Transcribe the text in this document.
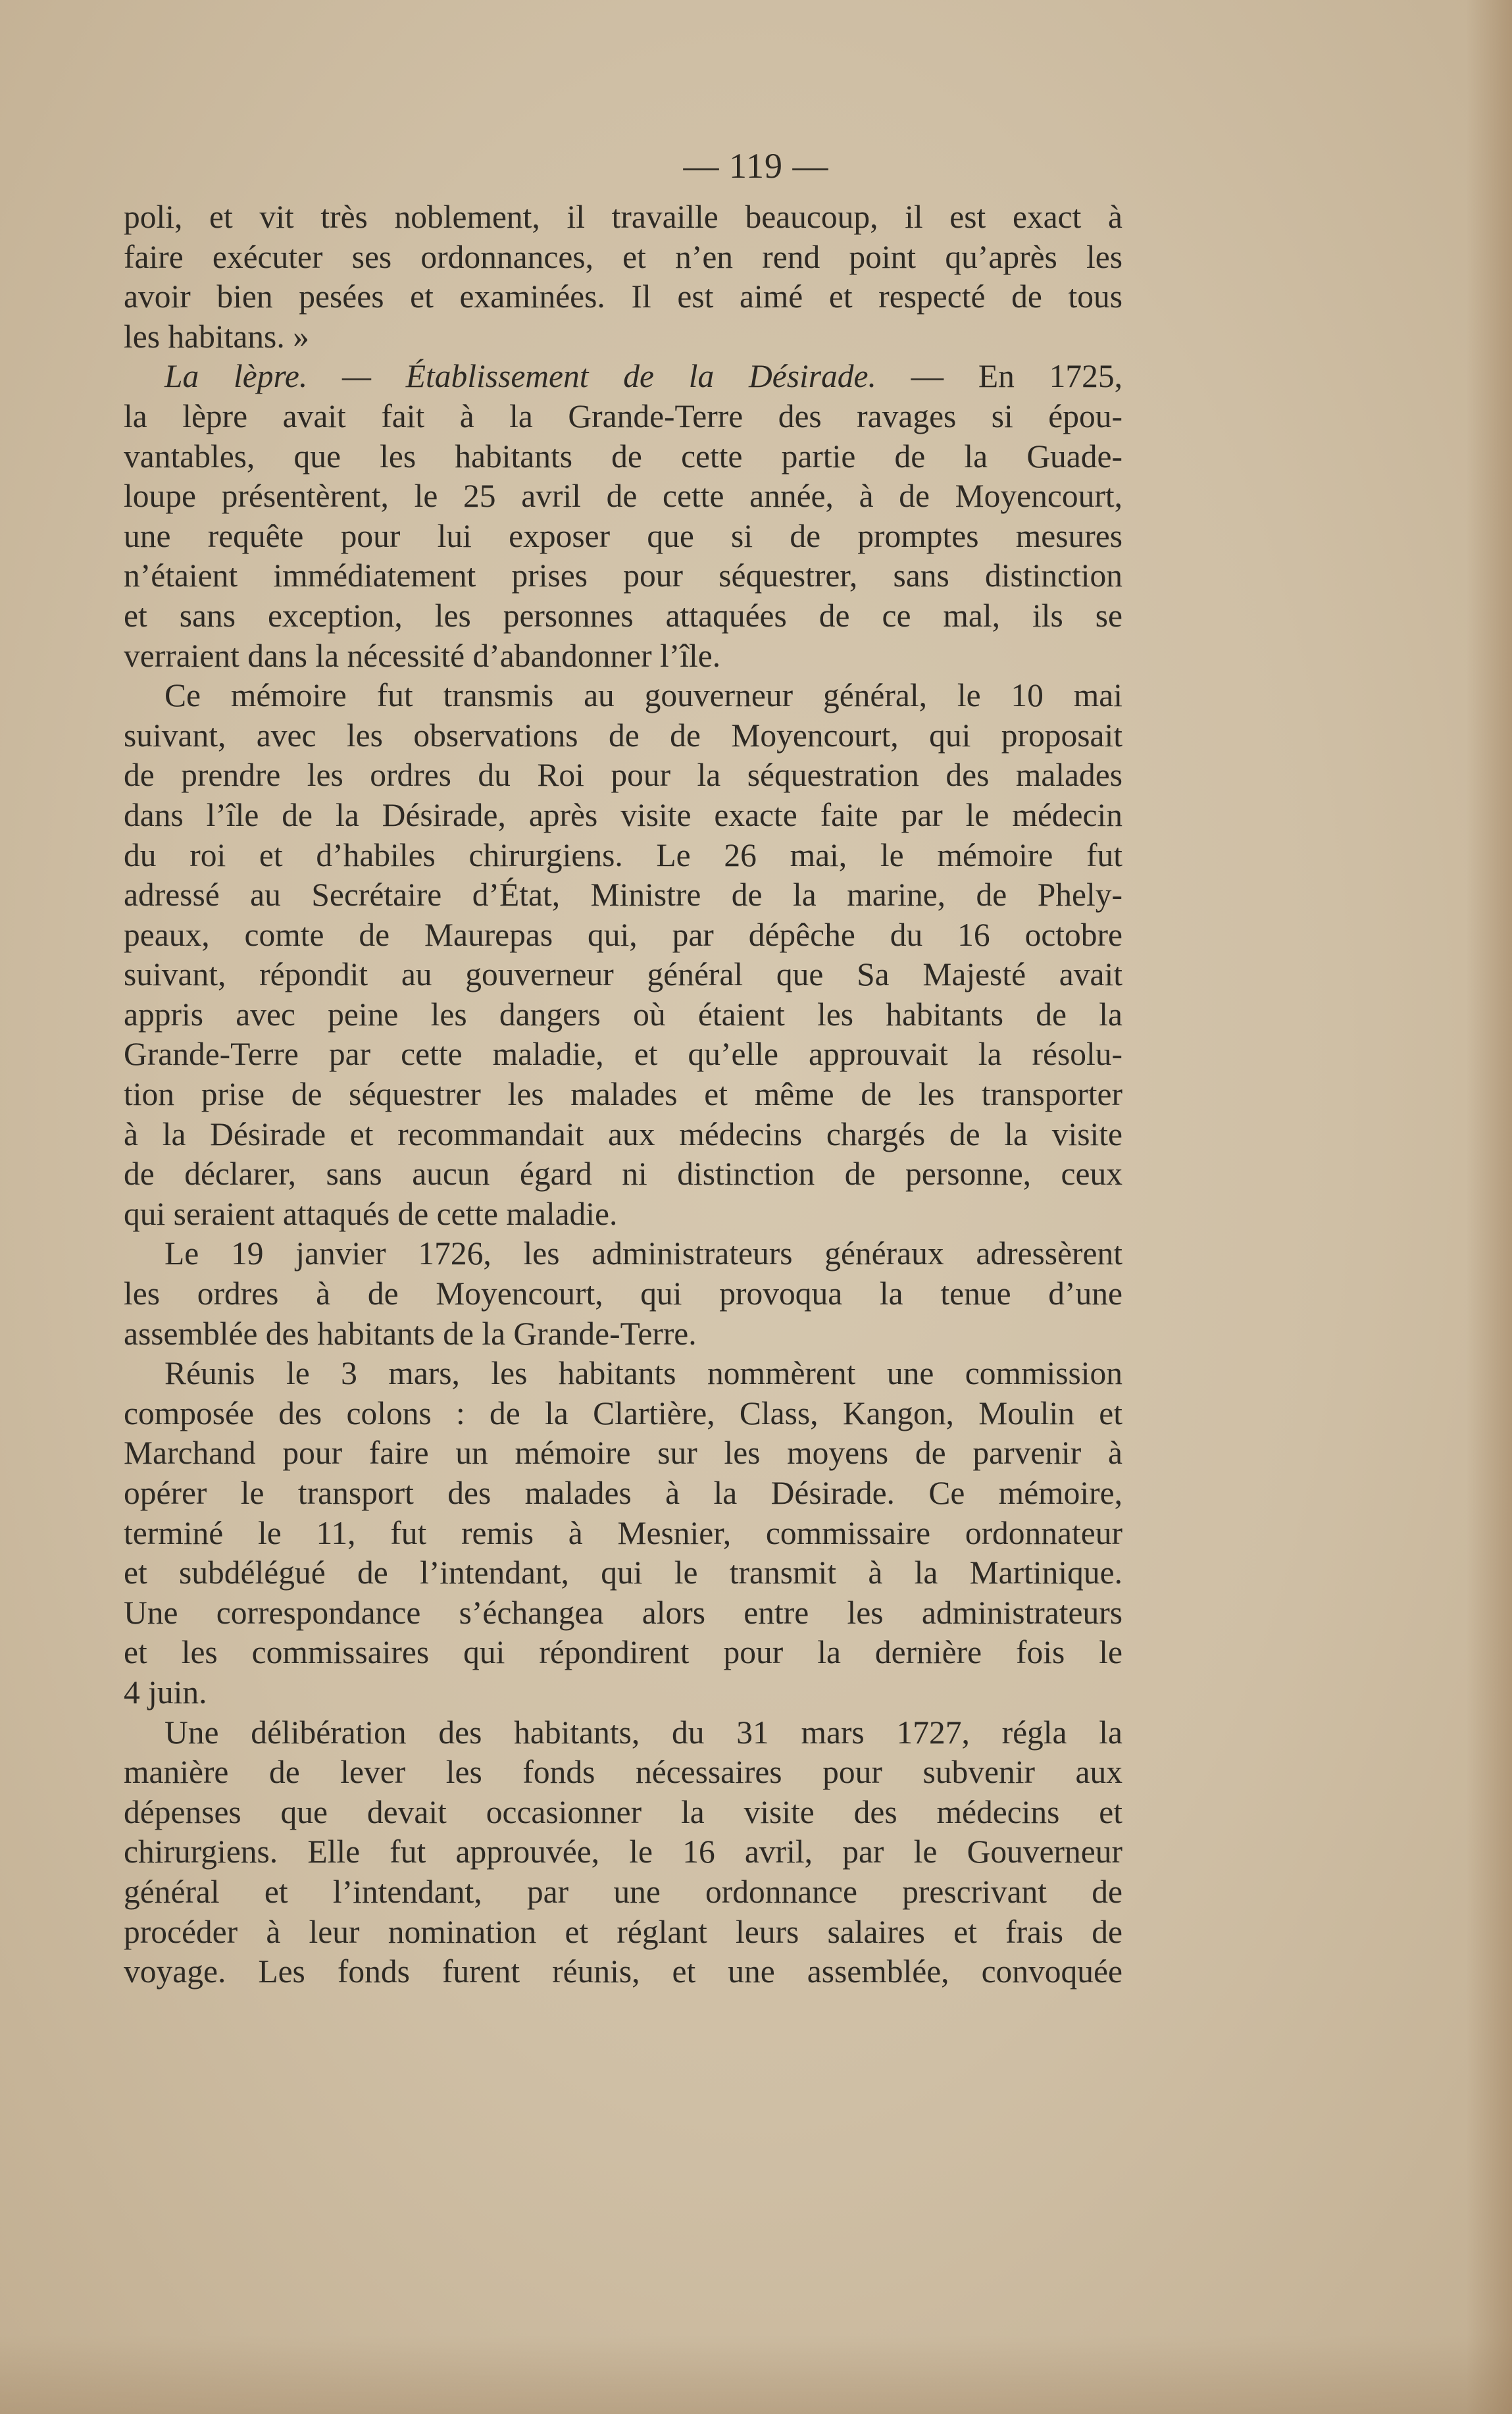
— 119 —
poli, et vit très noblement, il travaille beaucoup, il est exact à
faire exécuter ses ordonnances, et n’en rend point qu’après les
avoir bien pesées et examinées. Il est aimé et respecté de tous
les habitans. »
La lèpre. — Établissement de la Désirade. — En 1725,
la lèpre avait fait à la Grande-Terre des ravages si épou-
vantables, que les habitants de cette partie de la Guade-
loupe présentèrent, le 25 avril de cette année, à de Moyencourt,
une requête pour lui exposer que si de promptes mesures
n’étaient immédiatement prises pour séquestrer, sans distinction
et sans exception, les personnes attaquées de ce mal, ils se
verraient dans la nécessité d’abandonner l’île.
Ce mémoire fut transmis au gouverneur général, le 10 mai
suivant, avec les observations de de Moyencourt, qui proposait
de prendre les ordres du Roi pour la séquestration des malades
dans l’île de la Désirade, après visite exacte faite par le médecin
du roi et d’habiles chirurgiens. Le 26 mai, le mémoire fut
adressé au Secrétaire d’État, Ministre de la marine, de Phely-
peaux, comte de Maurepas qui, par dépêche du 16 octobre
suivant, répondit au gouverneur général que Sa Majesté avait
appris avec peine les dangers où étaient les habitants de la
Grande-Terre par cette maladie, et qu’elle approuvait la résolu-
tion prise de séquestrer les malades et même de les transporter
à la Désirade et recommandait aux médecins chargés de la visite
de déclarer, sans aucun égard ni distinction de personne, ceux
qui seraient attaqués de cette maladie.
Le 19 janvier 1726, les administrateurs généraux adressèrent
les ordres à de Moyencourt, qui provoqua la tenue d’une
assemblée des habitants de la Grande-Terre.
Réunis le 3 mars, les habitants nommèrent une commission
composée des colons : de la Clartière, Class, Kangon, Moulin et
Marchand pour faire un mémoire sur les moyens de parvenir à
opérer le transport des malades à la Désirade. Ce mémoire,
terminé le 11, fut remis à Mesnier, commissaire ordonnateur
et subdélégué de l’intendant, qui le transmit à la Martinique.
Une correspondance s’échangea alors entre les administrateurs
et les commissaires qui répondirent pour la dernière fois le
4 juin.
Une délibération des habitants, du 31 mars 1727, régla la
manière de lever les fonds nécessaires pour subvenir aux
dépenses que devait occasionner la visite des médecins et
chirurgiens. Elle fut approuvée, le 16 avril, par le Gouverneur
général et l’intendant, par une ordonnance prescrivant de
procéder à leur nomination et réglant leurs salaires et frais de
voyage. Les fonds furent réunis, et une assemblée, convoquée
